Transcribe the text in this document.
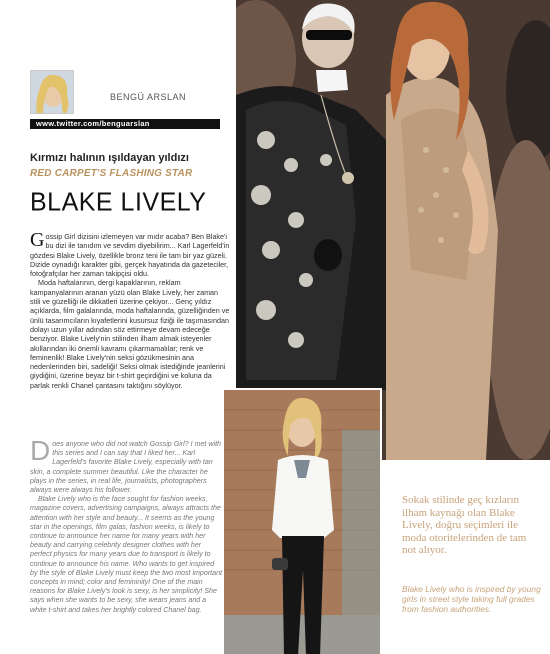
BENGÜ ARSLAN
www.twitter.com/benguarslan
Kırmızı halının ışıldayan yıldızı
RED CARPET'S FLASHING STAR
BLAKE LIVELY
G ossip Girl dizisini izlemeyen var mıdır acaba? Ben Blake'i bu dizi ile tanıdım ve sevdim diyebilirim... Karl Lagerfeld'in gözdesi Blake Lively, özellikle bronz teni ile tam bir yaz güzeli. Dizide oynadığı karakter gibi, gerçek hayatında da gazeteciler, fotoğrafçılar her zaman takipçisi oldu.

Moda haftalarının, dergi kapaklarının, reklam kampanyalarının aranan yüzü olan Blake Lively, her zaman stili ve güzelliği ile dikkatleri üzerine çekiyor... Genç yıldız açıklarda, film galalarında, moda haftalarında, güzelliğinden ve ünlü tasarımcıların kıyafetlerini kusursuz fiziği ile taşımasından dolayı uzun yıllar adından söz ettirmeye devam edeceğe benziyor. Blake Lively'nin stilinden ilham almak isteyenler akıllarından iki önemli kavramı çıkarmamalılar; renk ve feminenlik! Blake Lively'nin seksi gözükmesinin ana nedenlerinden biri, sadeliği! Seksi olmak istediğinde jeanlerini giydiğini, üzerine beyaz bir t-shirt geçirdiğini ve koluna da parlak renkli Chanel çantasını taktığını söylüyor.

D oes anyone who did not watch Gossip Girl? I met with this series and I can say that I liked her... Karl Lagerfeld's favorite Blake Lively, especially with tan skin, a complete summer beautiful. Like the character he plays in the series, in real life, journalists, photographers always were always his follower.

Blake Lively who is the face sought for fashion weeks, magazine covers, advertising campaigns, always attracts the attention with her style and beauty... It seems as the young star in the openings, film galas, fashion weeks, is likely to continue to announce her name for many years with her beauty and carrying celebrity designer clothes with her perfect physics for many years due to transport is likely to continue to announce his name. Who wants to get inspired by the style of Blake Lively must keep the two most important concepts in mind; color and femininity! One of the main reasons for Blake Lively's look is sexy, is her simplicity! She says when she wants to be sexy, she wears jeans and a white t-shirt and takes her brightly colored Chanel bag.

Sokak stilinde geç kızların ilham kaynağı olan Blake Lively, doğru seçimleri ile moda otoritelerinden de tam not alıyor.
Blake Lively who is inspired by young girls in street style taking full grades from fashion authorities.
